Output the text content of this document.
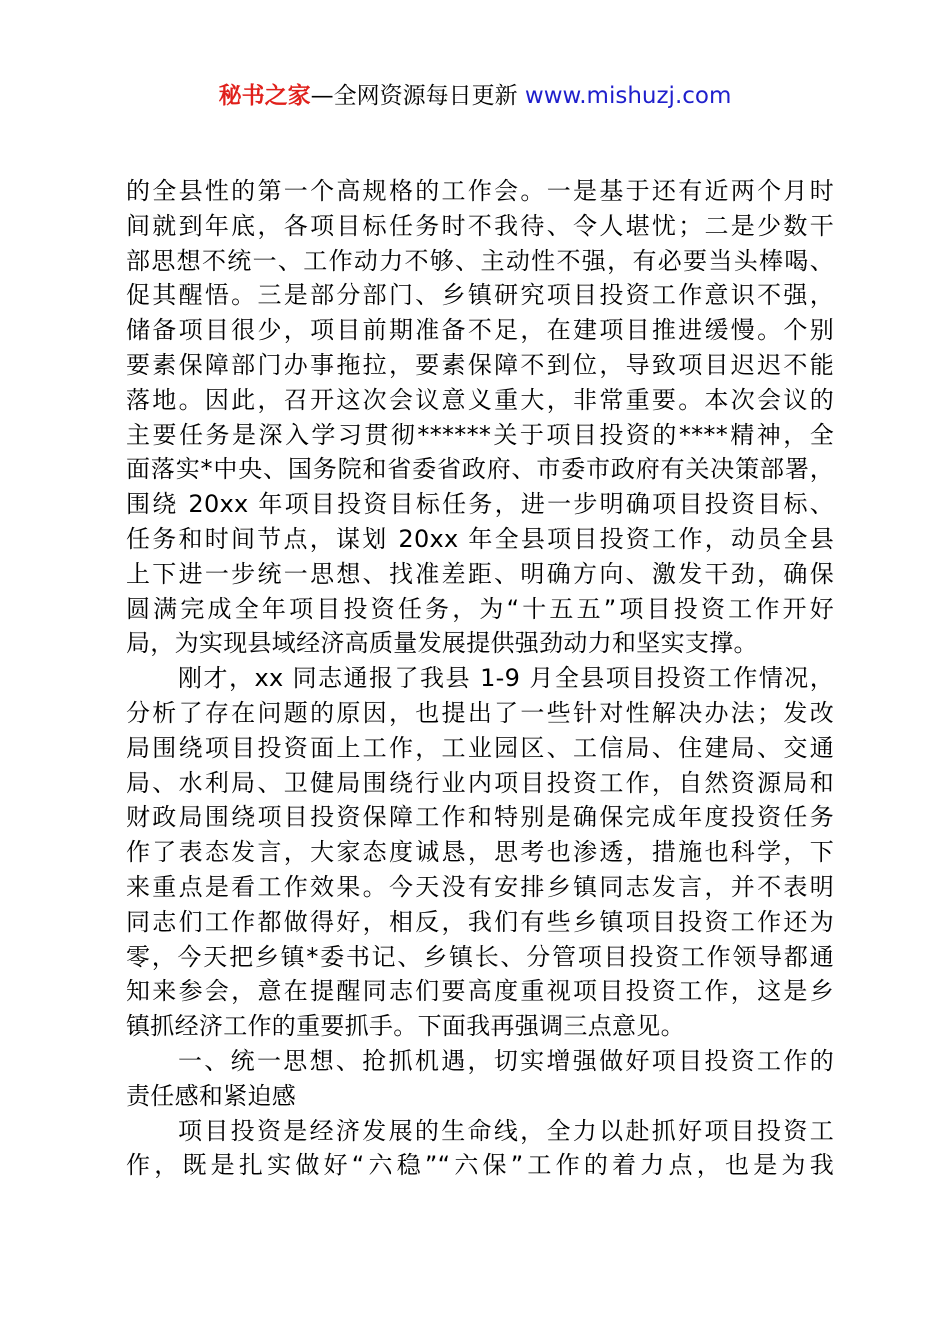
秘书之家—全网资源每日更新 www.mishuzj.com
的全县性的第一个高规格的工作会。一是基于还有近两个月时
间就到年底，各项目标任务时不我待、令人堪忧；二是少数干
部思想不统一、工作动力不够、主动性不强，有必要当头棒喝、
促其醒悟。三是部分部门、乡镇研究项目投资工作意识不强，
储备项目很少，项目前期准备不足，在建项目推进缓慢。个别
要素保障部门办事拖拉，要素保障不到位，导致项目迟迟不能
落地。因此，召开这次会议意义重大，非常重要。本次会议的
主要任务是深入学习贯彻******关于项目投资的****精神，全
面落实*中央、国务院和省委省政府、市委市政府有关决策部署，
围绕 20xx 年项目投资目标任务，进一步明确项目投资目标、
任务和时间节点，谋划 20xx 年全县项目投资工作，动员全县
上下进一步统一思想、找准差距、明确方向、激发干劲，确保
圆满完成全年项目投资任务，为“十五五”项目投资工作开好
局，为实现县域经济高质量发展提供强劲动力和坚实支撑。
刚才，xx 同志通报了我县 1-9 月全县项目投资工作情况，
分析了存在问题的原因，也提出了一些针对性解决办法；发改
局围绕项目投资面上工作，工业园区、工信局、住建局、交通
局、水利局、卫健局围绕行业内项目投资工作，自然资源局和
财政局围绕项目投资保障工作和特别是确保完成年度投资任务
作了表态发言，大家态度诚恳，思考也渗透，措施也科学，下
来重点是看工作效果。今天没有安排乡镇同志发言，并不表明
同志们工作都做得好，相反，我们有些乡镇项目投资工作还为
零，今天把乡镇*委书记、乡镇长、分管项目投资工作领导都通
知来参会，意在提醒同志们要高度重视项目投资工作，这是乡
镇抓经济工作的重要抓手。下面我再强调三点意见。
一、统一思想、抢抓机遇，切实增强做好项目投资工作的
责任感和紧迫感
项目投资是经济发展的生命线，全力以赴抓好项目投资工
作，既是扎实做好“六稳”“六保”工作的着力点，也是为我
